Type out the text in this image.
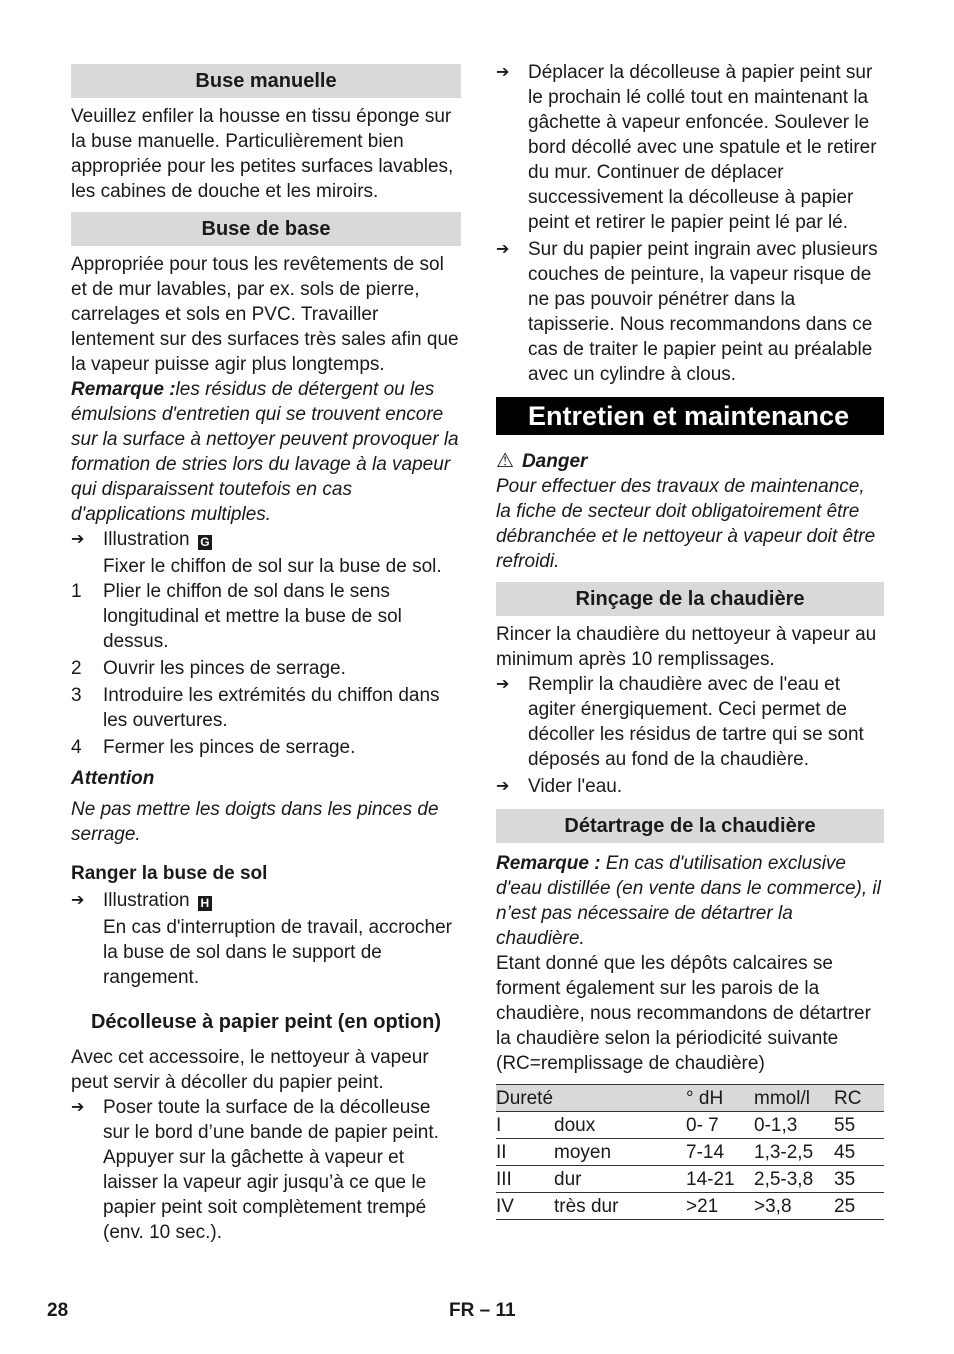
Buse manuelle

Veuillez enfiler la housse en tissu éponge sur la buse manuelle. Particulièrement bien appropriée pour les petites surfaces lavables, les cabines de douche et les miroirs.

Buse de base

Appropriée pour tous les revêtements de sol et de mur lavables, par ex. sols de pierre, carrelages et sols en PVC. Travailler lentement sur des surfaces très sales afin que la vapeur puisse agir plus longtemps.

Remarque :les résidus de détergent ou les émulsions d'entretien qui se trouvent encore sur la surface à nettoyer peuvent provoquer la formation de stries lors du lavage à la vapeur qui disparaissent toutefois en cas d'applications multiples.

➔ Illustration G

Fixer le chiffon de sol sur la buse de sol.

1	Plier le chiffon de sol dans le sens longitudinal et mettre la buse de sol dessus.
2	Ouvrir les pinces de serrage.
3	Introduire les extrémités du chiffon dans les ouvertures.
4	Fermer les pinces de serrage.

Attention

Ne pas mettre les doigts dans les pinces de serrage.

Ranger la buse de sol

➔ Illustration H

En cas d'interruption de travail, accrocher la buse de sol dans le support de rangement.

Décolleuse à papier peint (en option)

Avec cet accessoire, le nettoyeur à vapeur peut servir à décoller du papier peint.

➔ Poser toute la surface de la décolleuse sur le bord d’une bande de papier peint. Appuyer sur la gâchette à vapeur et laisser la vapeur agir jusqu’à ce que le papier peint soit complètement trempé (env. 10 sec.).
➔ Déplacer la décolleuse à papier peint sur le prochain lé collé tout en maintenant la gâchette à vapeur enfoncée. Soulever le bord décollé avec une spatule et le retirer du mur. Continuer de déplacer successivement la décolleuse à papier peint et retirer le papier peint lé par lé.
➔ Sur du papier peint ingrain avec plusieurs couches de peinture, la vapeur risque de ne pas pouvoir pénétrer dans la tapisserie. Nous recommandons dans ce cas de traiter le papier peint au préalable avec un cylindre à clous.
Entretien et maintenance
⚠ Danger

Pour effectuer des travaux de maintenance, la fiche de secteur doit obligatoirement être débranchée et le nettoyeur à vapeur doit être refroidi.

Rinçage de la chaudière

Rincer la chaudière du nettoyeur à vapeur au minimum après 10 remplissages.

➔ Remplir la chaudière avec de l'eau et agiter énergiquement. Ceci permet de décoller les résidus de tartre qui se sont déposés au fond de la chaudière.
➔ Vider l'eau.
Détartrage de la chaudière

Remarque : En cas d'utilisation exclusive d'eau distillée (en vente dans le commerce), il n’est pas nécessaire de détartrer la chaudière.

Etant donné que les dépôts calcaires se forment également sur les parois de la chaudière, nous recommandons de détartrer la chaudière selon la périodicité suivante (RC=remplissage de chaudière)

Dureté		° dH	mmol/l	RC
I	doux	0- 7	0-1,3	55
II	moyen	7-14	1,3-2,5	45
III	dur	14-21	2,5-3,8	35
IV	très dur	>21	>3,8	25
28	FR – 11
